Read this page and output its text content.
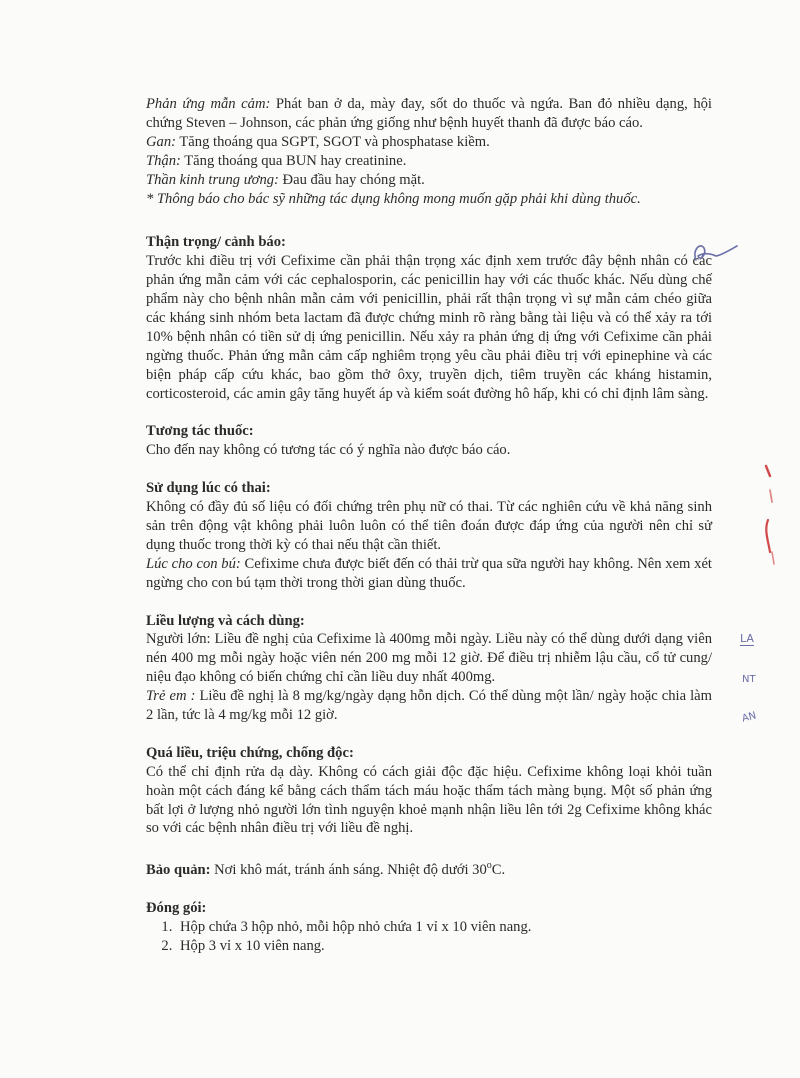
Phản ứng mẫn cảm: Phát ban ở da, mày đay, sốt do thuốc và ngứa. Ban đỏ nhiều dạng, hội chứng Steven – Johnson, các phản ứng giống như bệnh huyết thanh đã được báo cáo.

Gan: Tăng thoáng qua SGPT, SGOT và phosphatase kiềm.

Thận: Tăng thoáng qua BUN hay creatinine.

Thần kinh trung ương: Đau đầu hay chóng mặt.

* Thông báo cho bác sỹ những tác dụng không mong muốn gặp phải khi dùng thuốc.

Thận trọng/ cảnh báo:

Trước khi điều trị với Cefixime cần phải thận trọng xác định xem trước đây bệnh nhân có các phản ứng mẫn cảm với các cephalosporin, các penicillin hay với các thuốc khác. Nếu dùng chế phẩm này cho bệnh nhân mẫn cảm với penicillin, phải rất thận trọng vì sự mẫn cảm chéo giữa các kháng sinh nhóm beta lactam đã được chứng minh rõ ràng bằng tài liệu và có thể xảy ra tới 10% bệnh nhân có tiền sử dị ứng penicillin. Nếu xảy ra phản ứng dị ứng với Cefixime cần phải ngừng thuốc. Phản ứng mẫn cảm cấp nghiêm trọng yêu cầu phải điều trị với epinephine và các biện pháp cấp cứu khác, bao gồm thở ôxy, truyền dịch, tiêm truyền các kháng histamin, corticosteroid, các amin gây tăng huyết áp và kiểm soát đường hô hấp, khi có chỉ định lâm sàng.

Tương tác thuốc:

Cho đến nay không có tương tác có ý nghĩa nào được báo cáo.

Sử dụng lúc có thai:

Không có đầy đủ số liệu có đối chứng trên phụ nữ có thai. Từ các nghiên cứu về khả năng sinh sản trên động vật không phải luôn luôn có thể tiên đoán được đáp ứng của người nên chỉ sử dụng thuốc trong thời kỳ có thai nếu thật cần thiết.

Lúc cho con bú: Cefixime chưa được biết đến có thải trừ qua sữa người hay không. Nên xem xét ngừng cho con bú tạm thời trong thời gian dùng thuốc.

Liều lượng và cách dùng:

Người lớn: Liều đề nghị của Cefixime là 400mg mỗi ngày. Liều này có thể dùng dưới dạng viên nén 400 mg mỗi ngày hoặc viên nén 200 mg mỗi 12 giờ. Để điều trị nhiễm lậu cầu, cổ tử cung/ niệu đạo không có biến chứng chỉ cần liều duy nhất 400mg.

Trẻ em : Liều đề nghị là 8 mg/kg/ngày dạng hỗn dịch. Có thể dùng một lần/ ngày hoặc chia làm 2 lần, tức là 4 mg/kg mỗi 12 giờ.

Quá liều, triệu chứng, chống độc:

Có thể chỉ định rửa dạ dày. Không có cách giải độc đặc hiệu. Cefixime không loại khỏi tuần hoàn một cách đáng kể bằng cách thẩm tách máu hoặc thẩm tách màng bụng. Một số phản ứng bất lợi ở lượng nhỏ người lớn tình nguyện khoẻ mạnh nhận liều lên tới 2g Cefixime không khác so với các bệnh nhân điều trị với liều đề nghị.

Bảo quản: Nơi khô mát, tránh ánh sáng. Nhiệt độ dưới 30$^o$C.

Đóng gói:

1. Hộp chứa 3 hộp nhỏ, mỗi hộp nhỏ chứa 1 vỉ x 10 viên nang.
2. Hộp 3 vỉ x 10 viên nang.
LA
NT
AN
